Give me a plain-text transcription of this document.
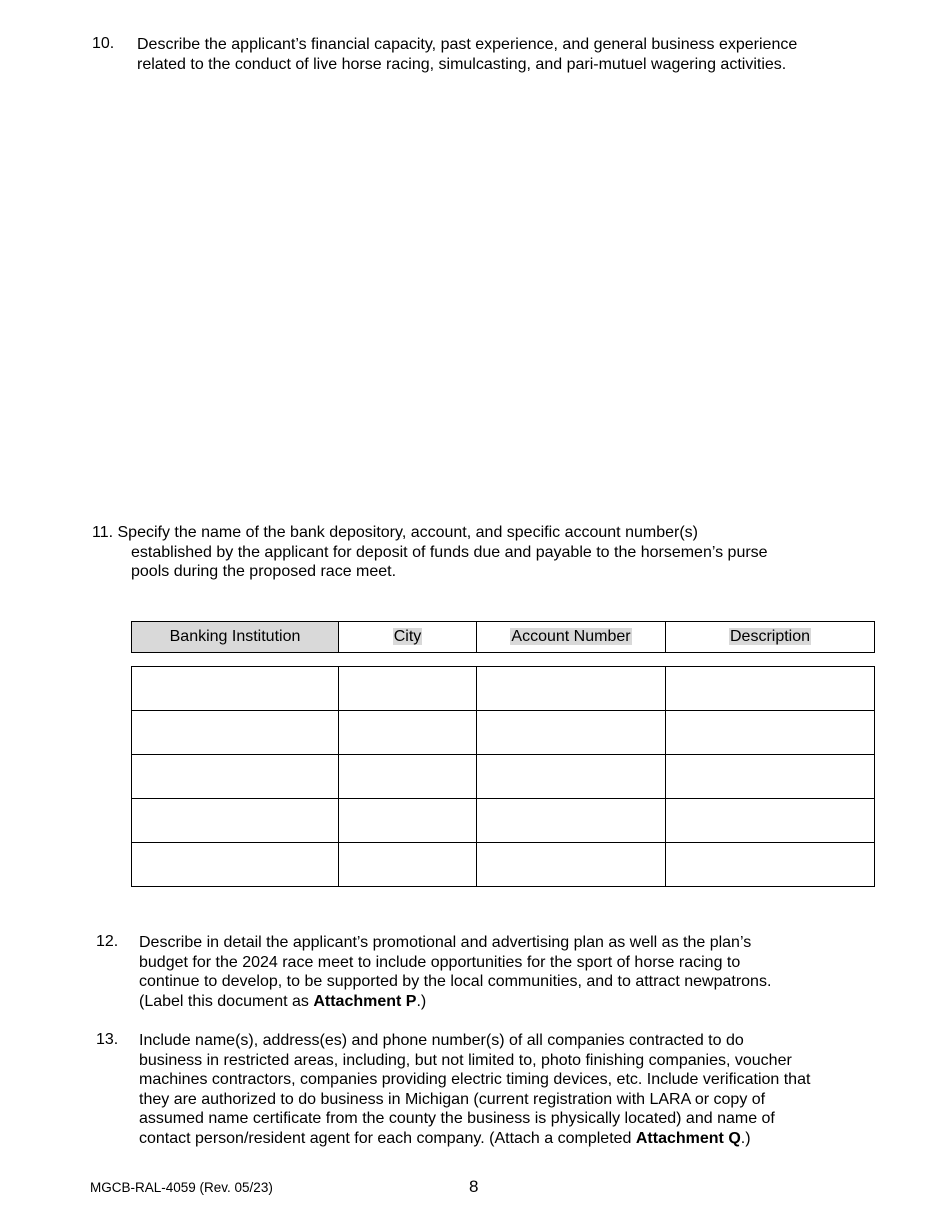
10. Describe the applicant’s financial capacity, past experience, and general business experience
related to the conduct of live horse racing, simulcasting, and pari-mutuel wagering activities.
11. Specify the name of the bank depository, account, and specific account number(s)
established by the applicant for deposit of funds due and payable to the horsemen’s purse
pools during the proposed race meet.
Banking Institution	City	Account Number	Description

12. Describe in detail the applicant’s promotional and advertising plan as well as the plan’s
budget for the 2024 race meet to include opportunities for the sport of horse racing to
continue to develop, to be supported by the local communities, and to attract newpatrons.
(Label this document as Attachment P.)
13. Include name(s), address(es) and phone number(s) of all companies contracted to do
business in restricted areas, including, but not limited to, photo finishing companies, voucher
machines contractors, companies providing electric timing devices, etc. Include verification that
they are authorized to do business in Michigan (current registration with LARA or copy of
assumed name certificate from the county the business is physically located) and name of
contact person/resident agent for each company. (Attach a completed Attachment Q.)
MGCB-RAL-4059 (Rev. 05/23)	8
